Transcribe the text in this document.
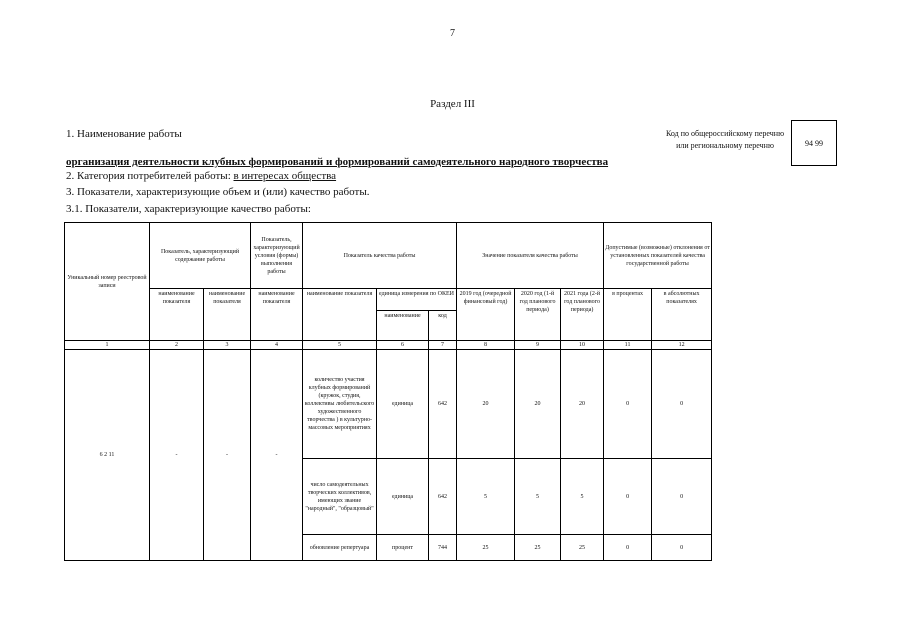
7
Раздел III
1. Наименование работы
организация деятельности клубных формирований и формирований самодеятельного народного творчества
2. Категория потребителей работы: в интересах общества
3. Показатели, характеризующие объем и (или) качество работы.
3.1. Показатели, характеризующие качество работы:
Код по общероссийскому перечню или региональному перечню	94 99
Уникальный номер реестровой записи	Показатель, характеризующий содержание работы		Показатель, характеризующий условия (формы) выполнения работы	Показатель качества работы			Значение показателя качества работы			Допустимые (возможные) отклонения от установленных показателей качества государственной работы	
	наименование показателя	наименование показателя	наименование показателя	наименование показателя	единица измерения по ОКЕИ		2019 год (очередной финансовый год)	2020 год (1-й год планового периода)	2021 годa (2-й год планового периода)	в процентах	в абсолютных показателях
					наименование	код					
1	2	3	4	5	6	7	8	9	10	11	12
6 2 11	-	-	-	количество участия клубных формирований (кружок, студия, коллективы любительского художественного творчества ) в культурно-массовых мероприятиях	единица	642	20	20	20	0	0
				число самодеятельных творческих коллективов, имеющих звание "народный", "образцовый"	единица	642	5	5	5	0	0
				обновление репертуара	процент	744	25	25	25	0	0
